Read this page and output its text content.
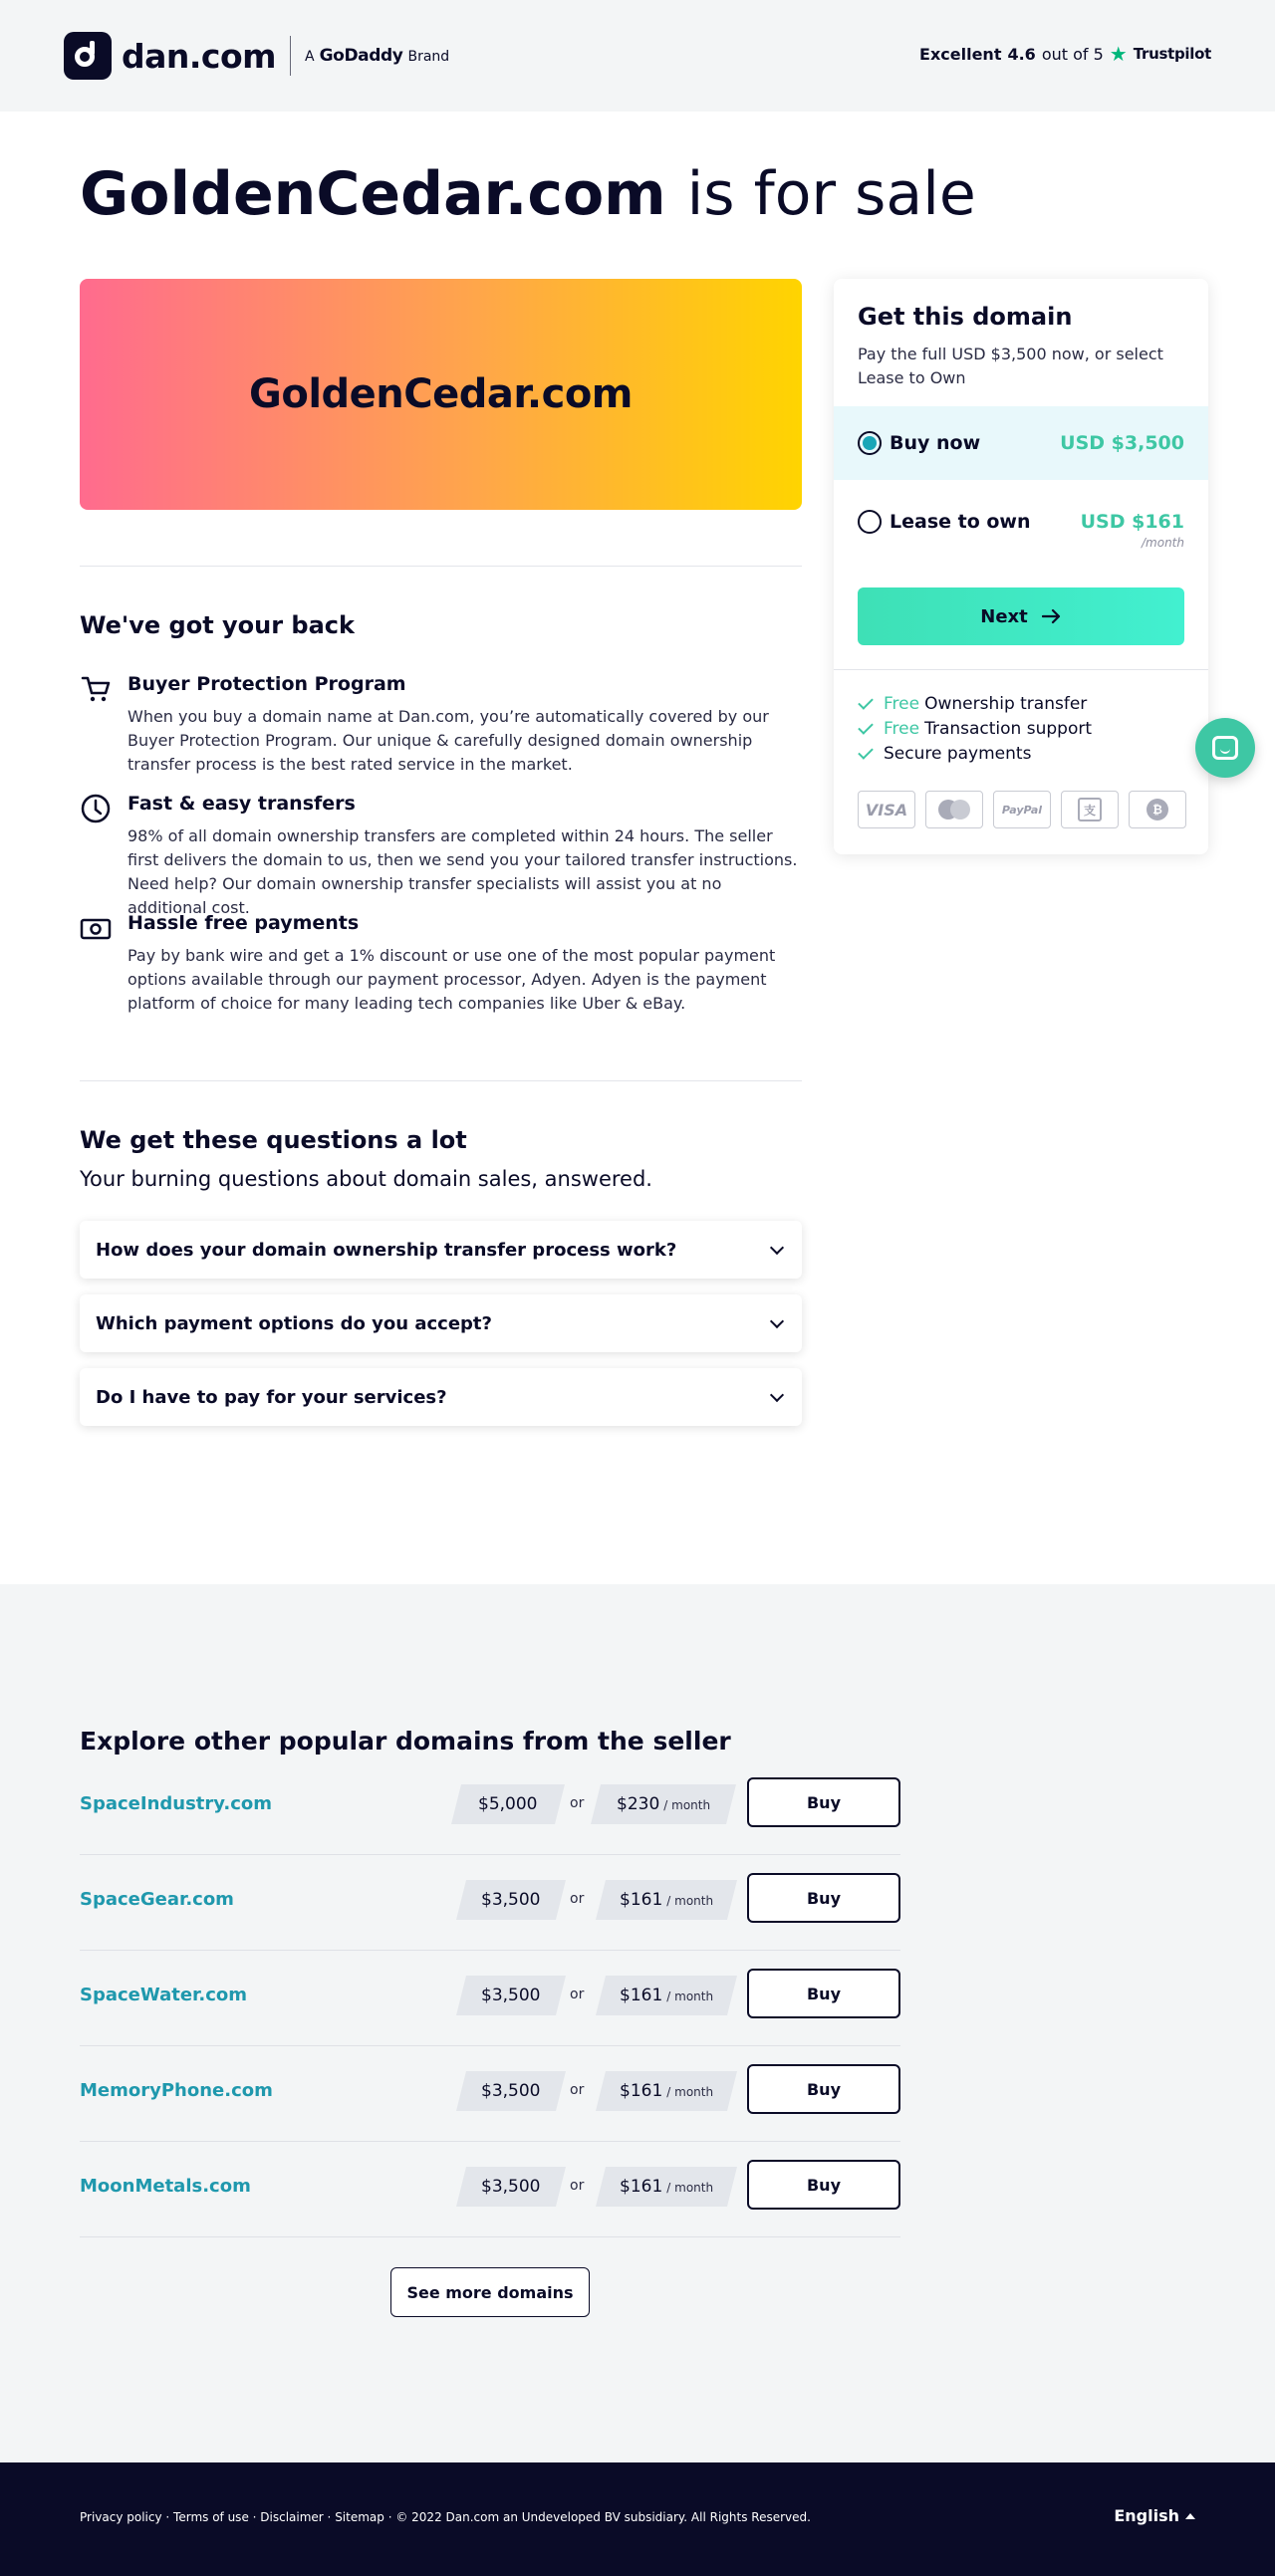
dan.com A GoDaddy Brand	Excellent 4.6 out of 5 ★ Trustpilot
GoldenCedar.com is for sale
GoldenCedar.com
We've got your back
Buyer Protection Program
When you buy a domain name at Dan.com, you’re automatically covered by our Buyer Protection Program. Our unique & carefully designed domain ownership transfer process is the best rated service in the market.
Fast & easy transfers
98% of all domain ownership transfers are completed within 24 hours. The seller first delivers the domain to us, then we send you your tailored transfer instructions. Need help? Our domain ownership transfer specialists will assist you at no additional cost.
Hassle free payments
Pay by bank wire and get a 1% discount or use one of the most popular payment options available through our payment processor, Adyen. Adyen is the payment platform of choice for many leading tech companies like Uber & eBay.
We get these questions a lot
Your burning questions about domain sales, answered.
How does your domain ownership transfer process work?
Which payment options do you accept?
Do I have to pay for your services?
Get this domain
Pay the full USD $3,500 now, or select Lease to Own
Buy now	USD $3,500
Lease to own	USD $161
/month
Next
Free Ownership transfer
Free Transaction support
Secure payments
VISA	PayPal	支	₿
Explore other popular domains from the seller
SpaceIndustry.com	$5,000 or $230 / month	Buy
SpaceGear.com	$3,500 or $161 / month	Buy
SpaceWater.com	$3,500 or $161 / month	Buy
MemoryPhone.com	$3,500 or $161 / month	Buy
MoonMetals.com	$3,500 or $161 / month	Buy
See more domains
Privacy policy · Terms of use · Disclaimer · Sitemap · © 2022 Dan.com an Undeveloped BV subsidiary. All Rights Reserved.	English
